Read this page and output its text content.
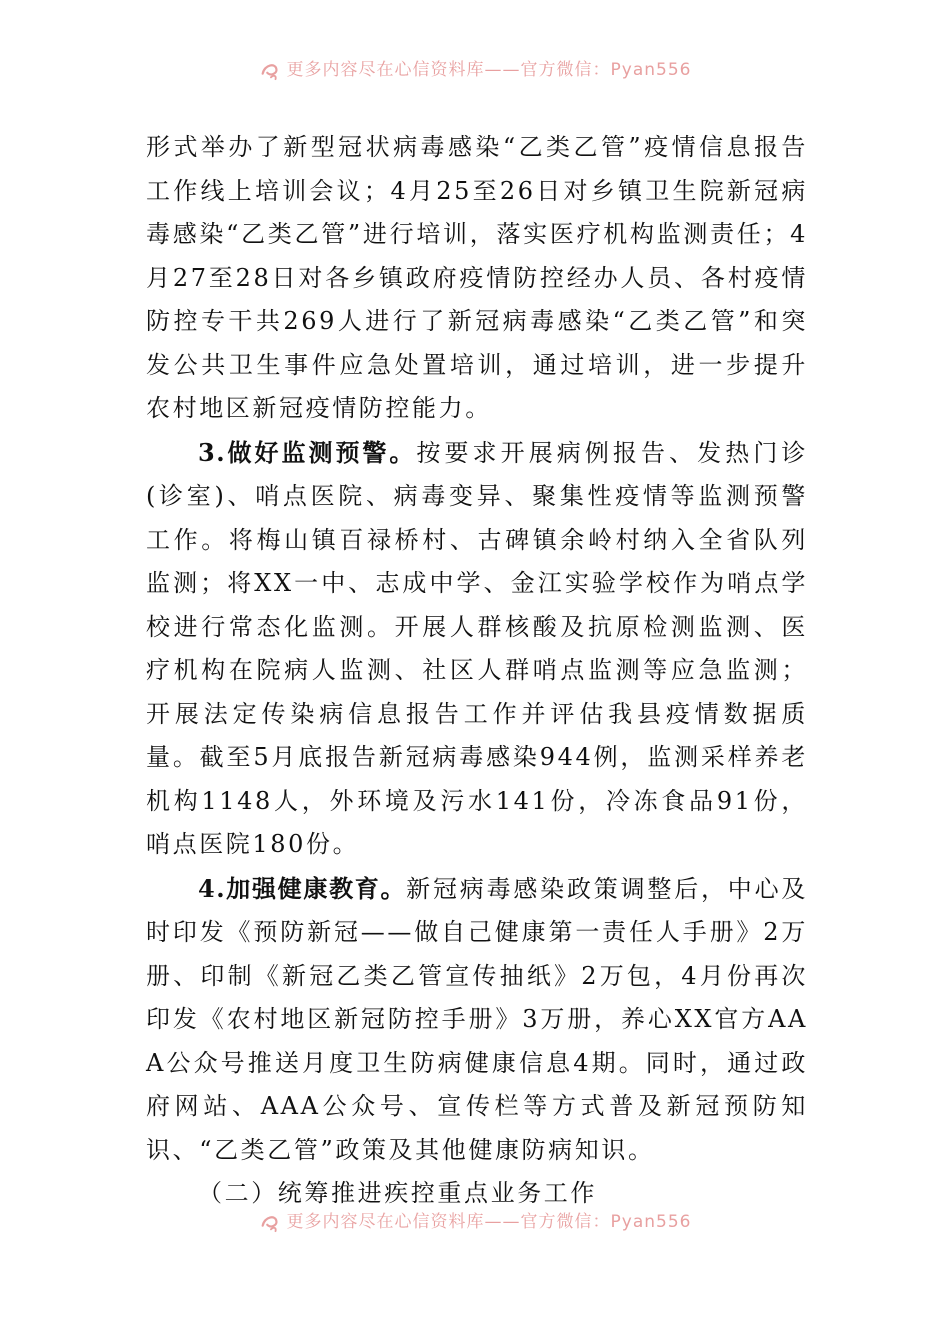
更多内容尽在心信资料库——官方微信：Pyan556

形式举办了新型冠状病毒感染“乙类乙管”疫情信息报告工作线上培训会议；4月25至26日对乡镇卫生院新冠病毒感染“乙类乙管”进行培训，落实医疗机构监测责任；4月27至28日对各乡镇政府疫情防控经办人员、各村疫情防控专干共269人进行了新冠病毒感染“乙类乙管”和突发公共卫生事件应急处置培训，通过培训，进一步提升农村地区新冠疫情防控能力。

3.做好监测预警。按要求开展病例报告、发热门诊(诊室)、哨点医院、病毒变异、聚集性疫情等监测预警工作。将梅山镇百禄桥村、古碑镇余岭村纳入全省队列监测；将XX一中、志成中学、金江实验学校作为哨点学校进行常态化监测。开展人群核酸及抗原检测监测、医疗机构在院病人监测、社区人群哨点监测等应急监测；开展法定传染病信息报告工作并评估我县疫情数据质量。截至5月底报告新冠病毒感染944例，监测采样养老机构1148人，外环境及污水141份，冷冻食品91份，哨点医院180份。

4.加强健康教育。新冠病毒感染政策调整后，中心及时印发《预防新冠——做自己健康第一责任人手册》2万册、印制《新冠乙类乙管宣传抽纸》2万包，4月份再次印发《农村地区新冠防控手册》3万册，养心XX官方AAA公众号推送月度卫生防病健康信息4期。同时，通过政府网站、AAA公众号、宣传栏等方式普及新冠预防知识、“乙类乙管”政策及其他健康防病知识。

（二）统筹推进疾控重点业务工作

更多内容尽在心信资料库——官方微信：Pyan556
